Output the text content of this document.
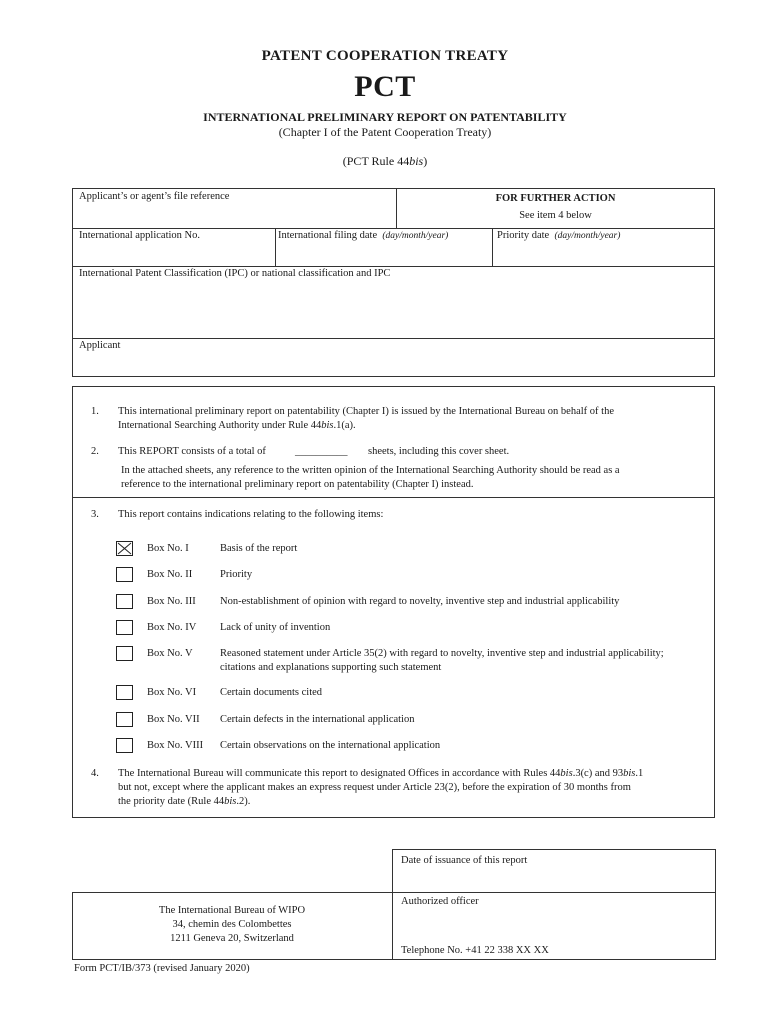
PATENT COOPERATION TREATY
PCT
INTERNATIONAL PRELIMINARY REPORT ON PATENTABILITY
(Chapter I of the Patent Cooperation Treaty)
(PCT Rule 44bis)
Applicant’s or agent’s file reference	FOR FURTHER ACTION
See item 4 below
International application No.	International filing date (day/month/year)	Priority date (day/month/year)
International Patent Classification (IPC) or national classification and IPC
Applicant
1. This international preliminary report on patentability (Chapter I) is issued by the International Bureau on behalf of the
International Searching Authority under Rule 44bis.1(a).
2. This REPORT consists of a total of	__________ sheets, including this cover sheet.
In the attached sheets, any reference to the written opinion of the International Searching Authority should be read as a
reference to the international preliminary report on patentability (Chapter I) instead.
3. This report contains indications relating to the following items:
Box No. I	Basis of the report
Box No. II	Priority
Box No. III Non-establishment of opinion with regard to novelty, inventive step and industrial applicability
Box No. IV Lack of unity of invention
Box No. V	Reasoned statement under Article 35(2) with regard to novelty, inventive step and industrial applicability;
citations and explanations supporting such statement
Box No. VI Certain documents cited
Box No. VII Certain defects in the international application
Box No. VIII Certain observations on the international application
4. The International Bureau will communicate this report to designated Offices in accordance with Rules 44bis.3(c) and 93bis.1
but not, except where the applicant makes an express request under Article 23(2), before the expiration of 30 months from
the priority date (Rule 44bis.2).
Date of issuance of this report
The International Bureau of WIPO
34, chemin des Colombettes
1211 Geneva 20, Switzerland
Authorized officer
Telephone No. +41 22 338 XX XX
Form PCT/IB/373 (revised January 2020)
